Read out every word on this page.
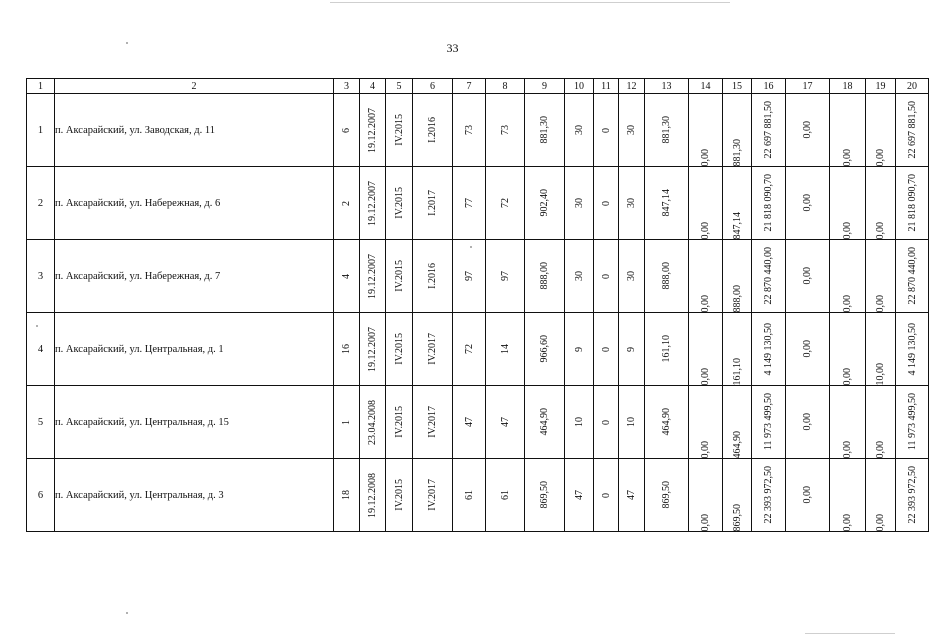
33
1	2	3	4	5	6	7	8	9	10	11	12	13	14	15	16	17	18	19	20
1	п. Аксарайский, ул. Заводская, д. 11	6	19.12.2007	IV.2015	I.2016	73	73	881,30	30	0	30	881,30	0,00	881,30	22 697 881,50	0,00	0,00	0,00	22 697 881,50

2	п. Аксарайский, ул. Набережная, д. 6	2	19.12.2007	IV.2015	I.2017	77	72	902,40	30	0	30	847,14	0,00	847,14	21 818 090,70	0,00	0,00	0,00	21 818 090,70

3	п. Аксарайский, ул. Набережная, д. 7	4	19.12.2007	IV.2015	I.2016	97	97	888,00	30	0	30	888,00	0,00	888,00	22 870 440,00	0,00	0,00	0,00	22 870 440,00

4	п. Аксарайский, ул. Центральная, д. 1	16	19.12.2007	IV.2015	IV.2017	72	14	966,60	9	0	9	161,10	0,00	161,10	4 149 130,50	0,00	0,00	10,00	4 149 130,50

5	п. Аксарайский, ул. Центральная, д. 15	1	23.04.2008	IV.2015	IV.2017	47	47	464,90	10	0	10	464,90	0,00	464,90	11 973 499,50	0,00	0,00	0,00	11 973 499,50

6	п. Аксарайский, ул. Центральная, д. 3	18	19.12.2008	IV.2015	IV.2017	61	61	869,50	47	0	47	869,50	0,00	869,50	22 393 972,50	0,00	0,00	0,00	22 393 972,50
